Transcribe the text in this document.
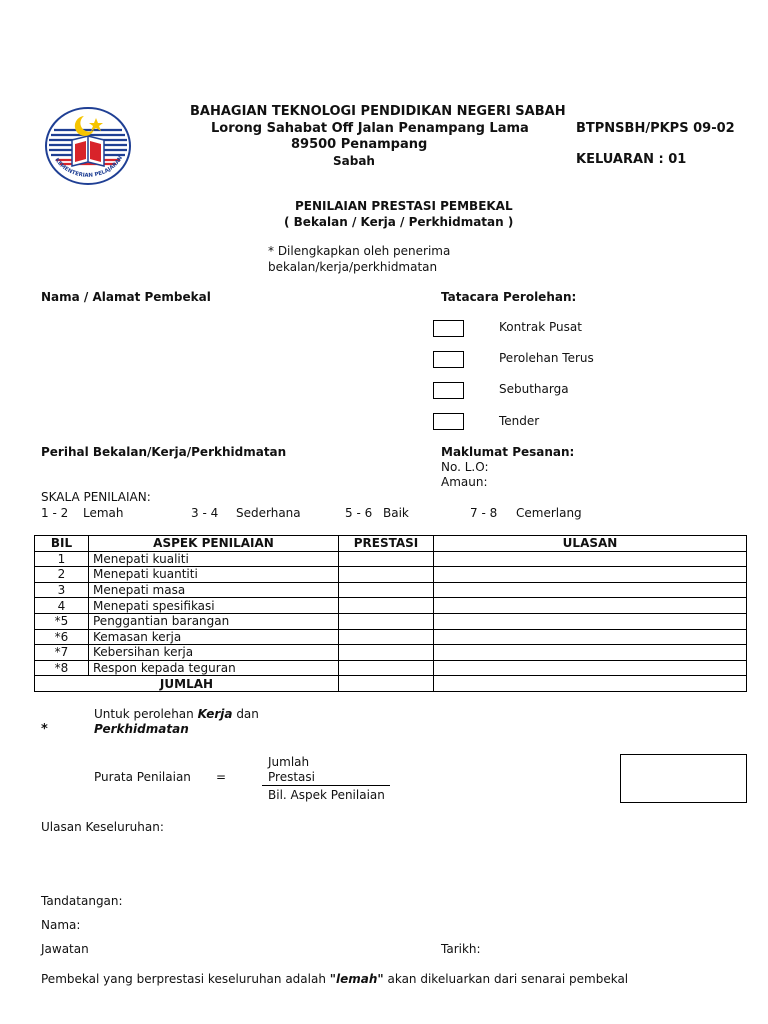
KEMENTERIAN PELAJARAN
BAHAGIAN TEKNOLOGI PENDIDIKAN NEGERI SABAH
Lorong Sahabat Off Jalan Penampang Lama
89500 Penampang
Sabah
BTPNSBH/PKPS 09-02
KELUARAN : 01
PENILAIAN PRESTASI PEMBEKAL
( Bekalan / Kerja / Perkhidmatan )
* Dilengkapkan oleh penerima
bekalan/kerja/perkhidmatan
Nama / Alamat Pembekal	Tatacara Perolehan:
Kontrak Pusat
Perolehan Terus
Sebutharga
Tender
Perihal Bekalan/Kerja/Perkhidmatan	Maklumat Pesanan:
No. L.O:
Amaun:
SKALA PENILAIAN:
1 - 2 Lemah	3 - 4 Sederhana	5 - 6 Baik	7 - 8 Cemerlang
BIL	ASPEK PENILAIAN	PRESTASI	ULASAN
1	Menepati kualiti		
2	Menepati kuantiti		
3	Menepati masa		
4	Menepati spesifikasi		
*5	Penggantian barangan		
*6	Kemasan kerja		
*7	Kebersihan kerja		
*8	Respon kepada teguran		
JUMLAH			
*
Untuk perolehan Kerja dan
Perkhidmatan
Jumlah
Prestasi
Purata Penilaian =
Bil. Aspek Penilaian
Ulasan Keseluruhan:
Tandatangan:
Nama:
Jawatan	Tarikh:
Pembekal yang berprestasi keseluruhan adalah "lemah" akan dikeluarkan dari senarai pembekal
